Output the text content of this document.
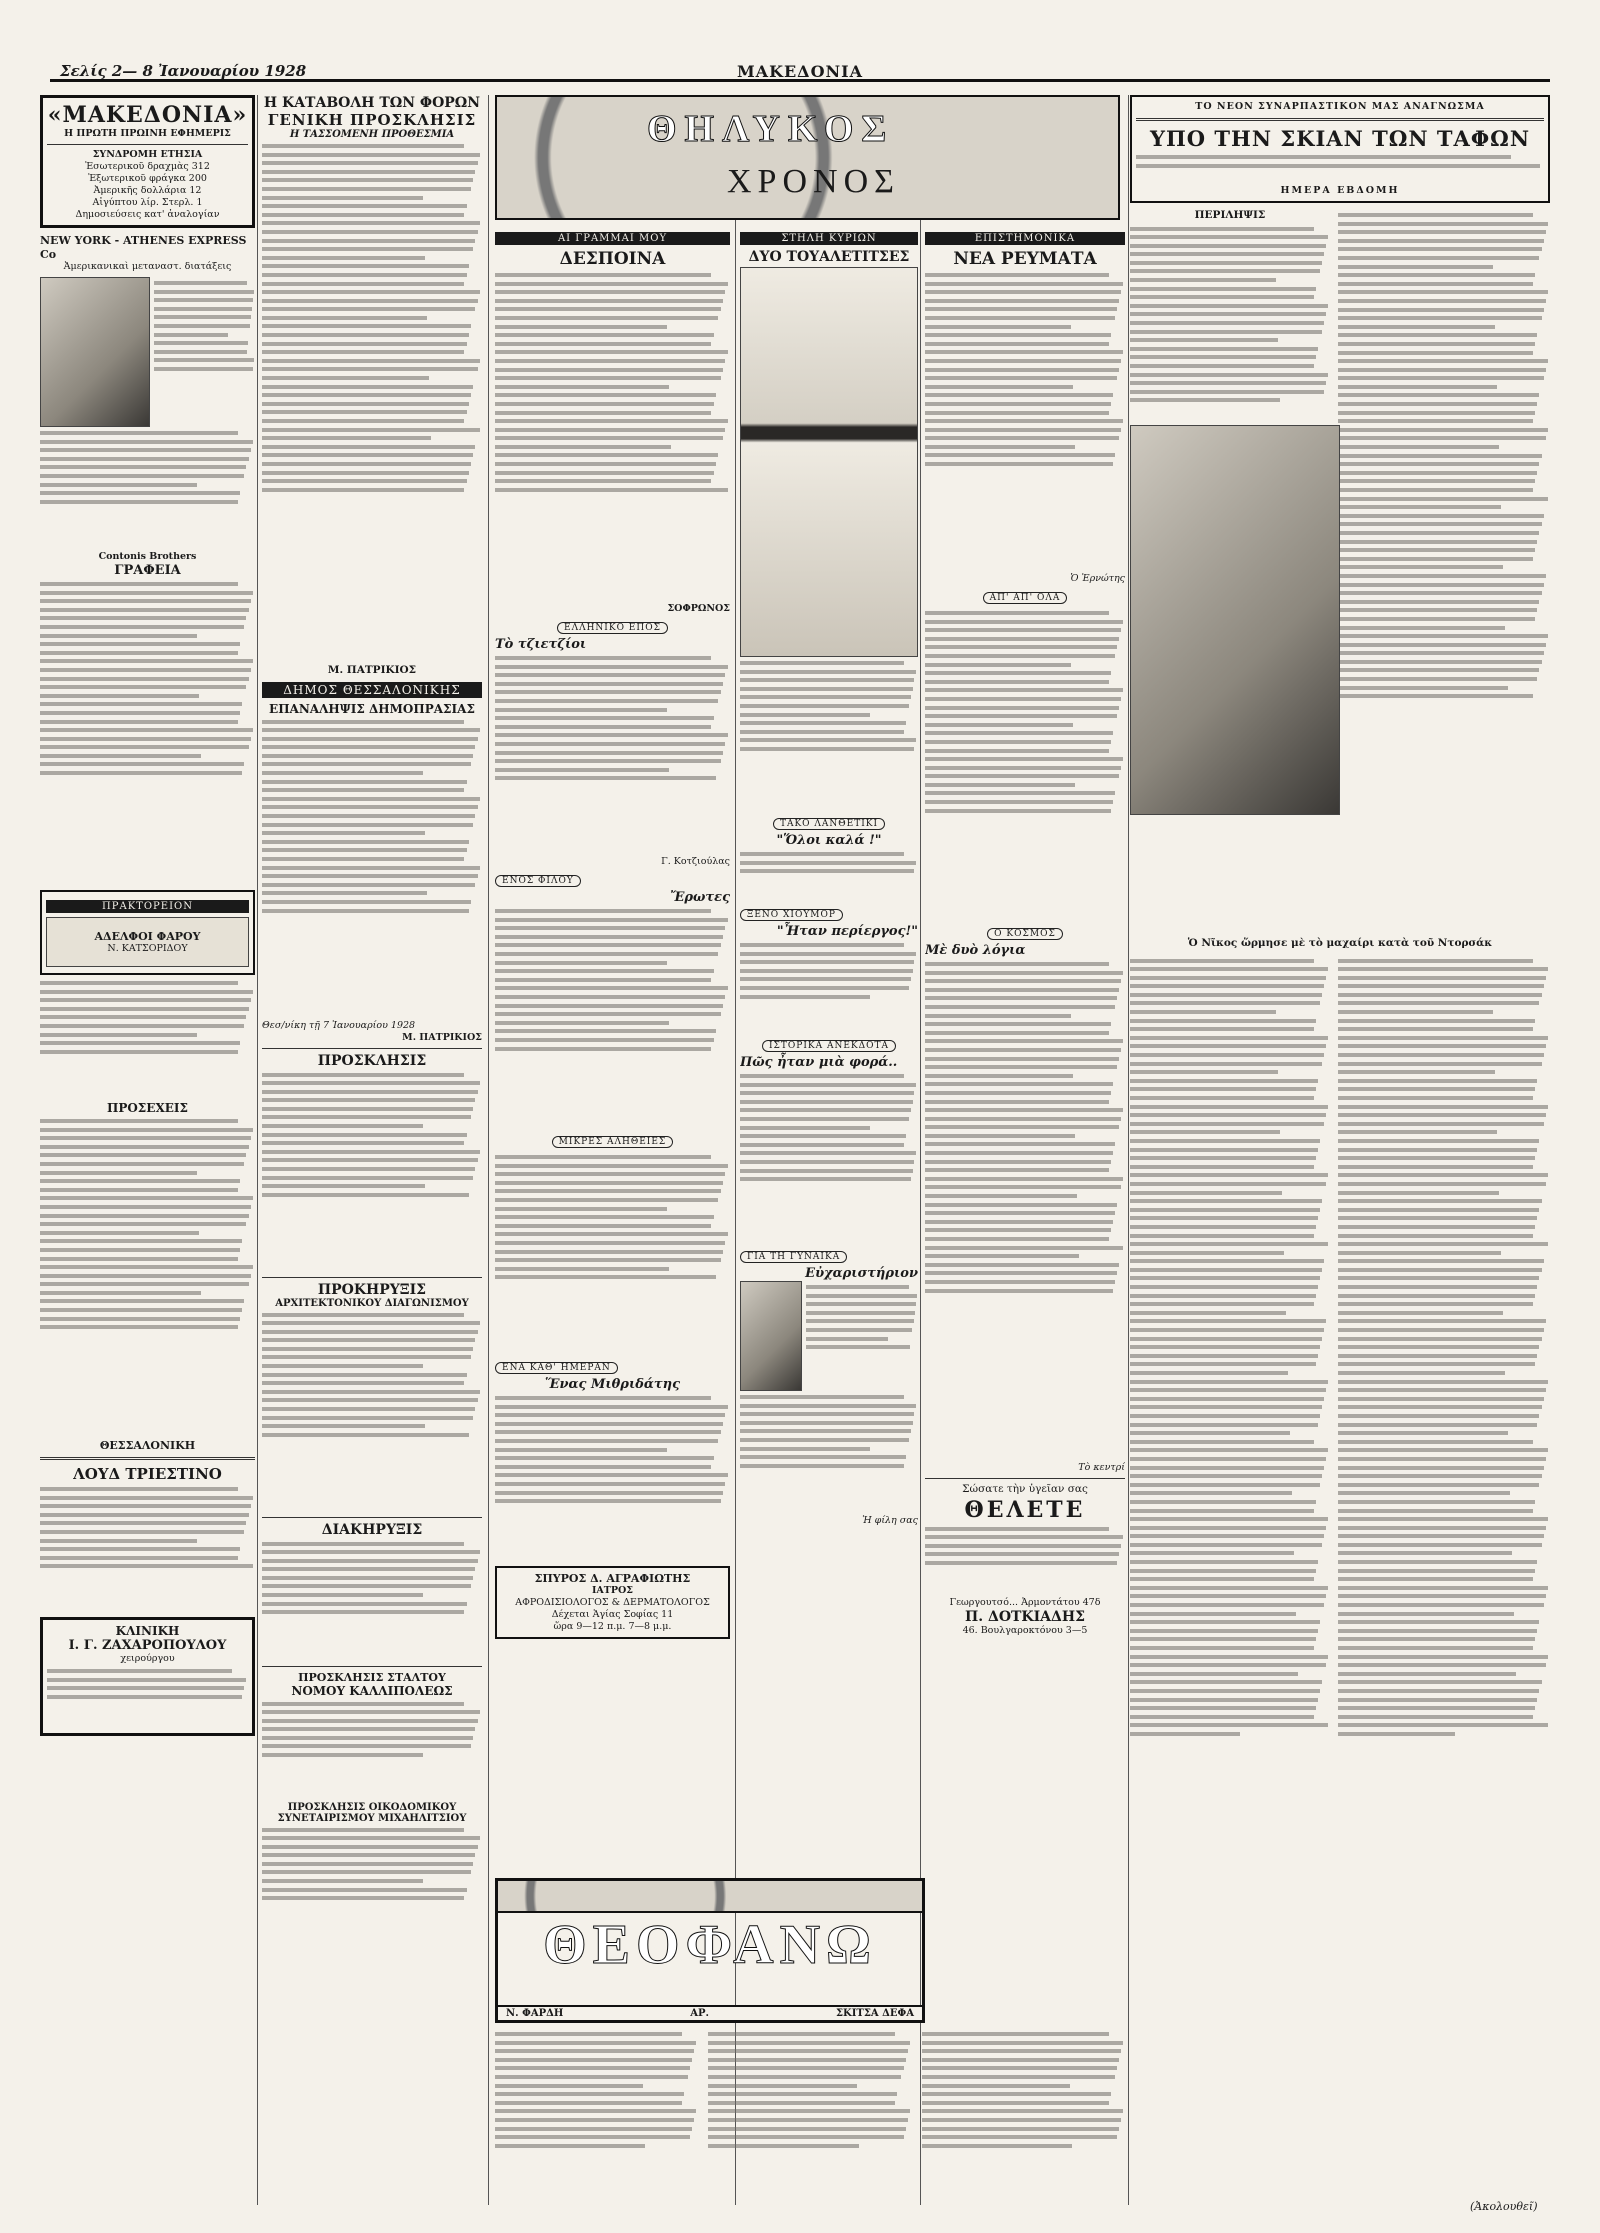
Σελίς 2— 8 Ἰανουαρίου 1928	ΜΑΚΕΔΟΝΙΑ
«ΜΑΚΕΔΟΝΙΑ»
Η ΠΡΩΤΗ ΠΡΩΙΝΗ ΕΦΗΜΕΡΙΣ
ΣΥΝΔΡΟΜΗ ΕΤΗΣΙΑ
Ἐσωτερικοῦ δραχμὰς 312
Ἐξωτερικοῦ φράγκα 200
Ἀμερικῆς δολλάρια 12
Αἰγύπτου λίρ. Στερλ. 1
Δημοσιεύσεις κατ' ἀναλογίαν
NEW YORK - ATHENES EXPRESS Co
Ἀμερικανικαὶ μεταναστ. διατάξεις
Contonis Brothers
ΓΡΑΦΕΙΑ
ΠΡΑΚΤΟΡΕΙΟΝ
ΑΔΕΛΦΟΙ ΦΑΡΟΥ
Ν. ΚΑΤΣΟΡΙΔΟΥ
ΠΡΟΣΕΧΕΙΣ
ΘΕΣΣΑΛΟΝΙΚΗ
ΛΟΥΔ ΤΡΙΕΣΤΙΝΟ
ΚΛΙΝΙΚΗ
Ι. Γ. ΖΑΧΑΡΟΠΟΥΛΟΥ
χειρούργου
Η ΚΑΤΑΒΟΛΗ ΤΩΝ ΦΟΡΩΝ
ΓΕΝΙΚΗ ΠΡΟΣΚΛΗΣΙΣ
Η ΤΑΣΣΟΜΕΝΗ ΠΡΟΘΕΣΜΙΑ
Μ. ΠΑΤΡΙΚΙΟΣ
ΔΗΜΟΣ ΘΕΣΣΑΛΟΝΙΚΗΣ
ΕΠΑΝΑΛΗΨΙΣ ΔΗΜΟΠΡΑΣΙΑΣ
Θεσ/νίκη τῇ 7 Ἰανουαρίου 1928
Μ. ΠΑΤΡΙΚΙΟΣ
ΠΡΟΣΚΛΗΣΙΣ
ΠΡΟΚΗΡΥΞΙΣ
ΑΡΧΙΤΕΚΤΟΝΙΚΟΥ ΔΙΑΓΩΝΙΣΜΟΥ
ΔΙΑΚΗΡΥΞΙΣ
ΠΡΟΣΚΛΗΣΙΣ ΣΤΑΛΤΟΥ
ΝΟΜΟΥ ΚΑΛΛΙΠΟΛΕΩΣ
ΠΡΟΣΚΛΗΣΙΣ ΟΙΚΟΔΟΜΙΚΟΥ
ΣΥΝΕΤΑΙΡΙΣΜΟΥ ΜΙΧΑΗΛΙΤΣΙΟΥ
ΘΗΛΥΚΟΣ
ΧΡΟΝΟΣ
ΑΙ ΓΡΑΜΜΑΙ ΜΟΥ
ΔΕΣΠΟΙΝΑ
ΣΟΦΡΩΝΟΣ
ΕΛΛΗΝΙΚΟ ΕΠΟΣ
Τὸ τζιετζίοι
Γ. Κοτζιούλας
ΕΝΟΣ ΦΙΛΟΥ
Ἔρωτες
ΜΙΚΡΕΣ ΑΛΗΘΕΙΕΣ
ΕΝΑ ΚΑΘ' ΗΜΕΡΑΝ
Ἕνας Μιθριδάτης
ΣΠΥΡΟΣ Δ. ΑΓΡΑΦΙΩΤΗΣ
ΙΑΤΡΟΣ
ΑΦΡΟΔΙΣΙΟΛΟΓΟΣ & ΔΕΡΜΑΤΟΛΟΓΟΣ
Δέχεται Ἁγίας Σοφίας 11
ὥρα 9—12 π.μ. 7—8 μ.μ.
ΣΤΗΛΗ ΚΥΡΙΩΝ
ΔΥΟ ΤΟΥΑΛΕΤΙΤΣΕΣ
ΤΑΚΟ ΛΑΝΘΕΤΙΚΙ
"Ὅλοι καλά !"
ΞΕΝΟ ΧΙΟΥΜΟΡ
"Ἦταν περίεργος!"
ΙΣΤΟΡΙΚΑ ΑΝΕΚΔΟΤΑ
Πῶς ἦταν μιὰ φορά..
ΓΙΑ ΤΗ ΓΥΝΑΙΚΑ
Εὐχαριστήριον
Ἡ φίλη σας
ΕΠΙΣΤΗΜΟΝΙΚΑ
ΝΕΑ ΡΕΥΜΑΤΑ
Ὁ Ἐρνώτης
ΑΠ' ΑΠ' ΟΛΑ
Ο ΚΟΣΜΟΣ
Μὲ δυὸ λόγια
Τὸ κεντρί
Σώσατε τὴν ὑγεῖαν σας
ΘΕΛΕΤΕ
Γεωργουτσό... Ἀρμοντάτου 47δ
Π. ΔΟΤΚΙΑΔΗΣ
46. Βουλγαροκτόνου 3—5
ΤΟ ΝΕΟΝ ΣΥΝΑΡΠΑΣΤΙΚΟΝ ΜΑΣ ΑΝΑΓΝΩΣΜΑ
ΥΠΟ ΤΗΝ ΣΚΙΑΝ ΤΩΝ ΤΑΦΩΝ
ΗΜΕΡΑ ΕΒΔΟΜΗ
ΠΕΡΙΛΗΨΙΣ
Ὁ Νῖκος ὥρμησε μὲ τὸ μαχαίρι κατὰ τοῦ Ντορσάκ
(Ἀκολουθεῖ)
ΘΕΟΦΑΝΩ
Ν. ΦΑΡΔΗ	ΑΡ.	ΣΚΙΤΣΑ ΔΕΦΑ
